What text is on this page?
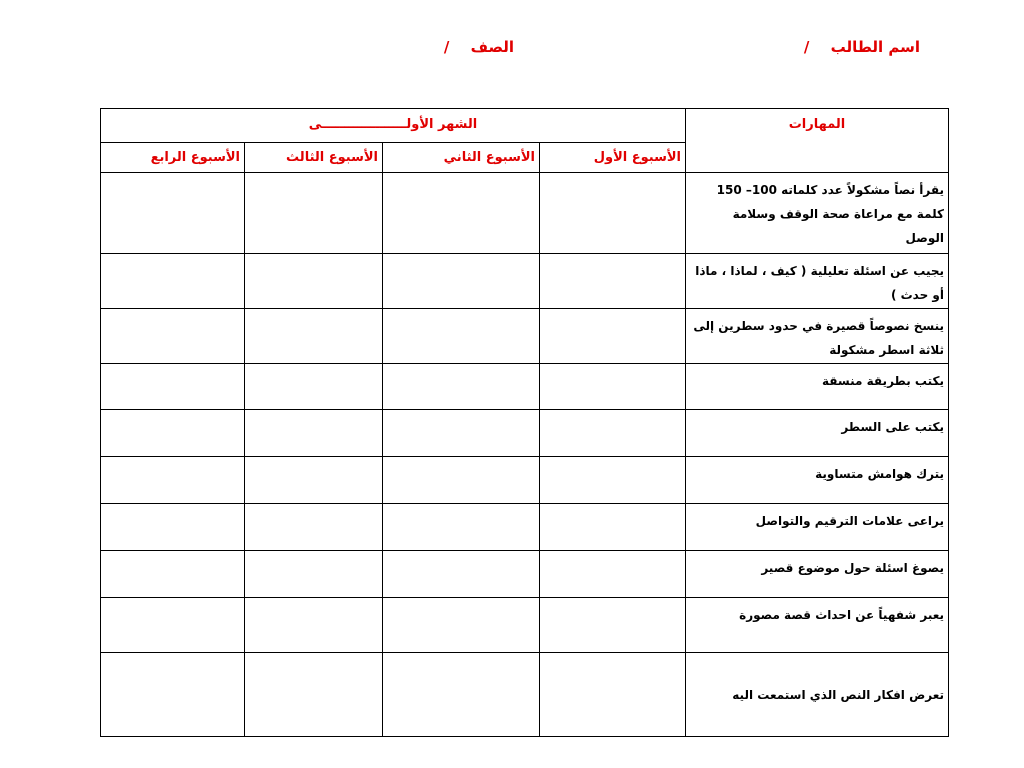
اسم الطالب /
الصف /
المهارات	الشهر الأولـــــــــــــــــــى			
	الأسبوع الأول	الأسبوع الثاني	الأسبوع الثالث	الأسبوع الرابع
يقرأ نصاً مشكولاً عدد كلماته 100– 150 كلمة مع مراعاة صحة الوقف وسلامة الوصل				
يجيب عن اسئلة تعليلية ( كيف ، لماذا ، ماذا أو حدث )				
ينسخ نصوصاً قصيرة في حدود سطرين إلى ثلاثة اسطر مشكولة				
يكتب بطريقة منسقة				
يكتب على السطر				
يترك هوامش متساوية				
يراعى علامات الترقيم والتواصل				
يصوغ اسئلة حول موضوع قصير				
يعبر شفهياً عن احداث قصة مصورة				
تعرض افكار النص الذي استمعت اليه				
